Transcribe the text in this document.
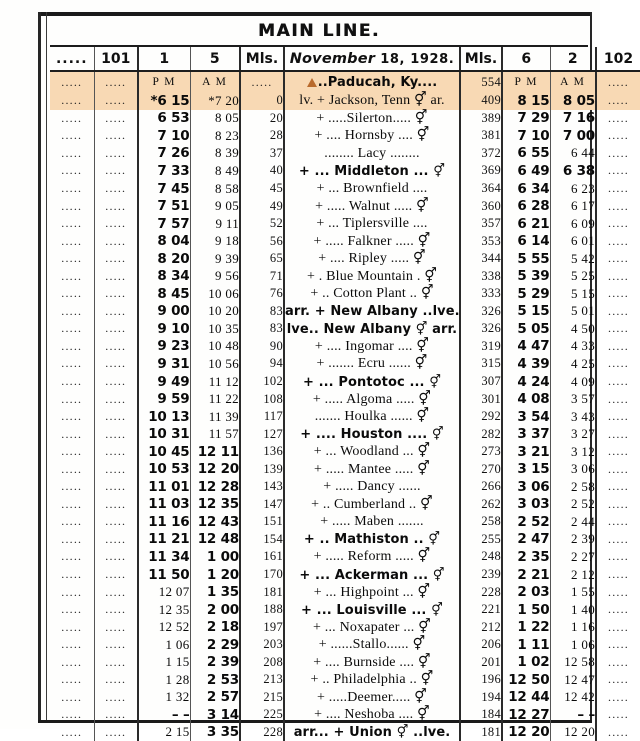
MAIN LINE.
.....	101	1	5	Mls.	November 18, 1928.	Mls.	6	2	102
.....	.....	P M	A M	.....	..Paducah, Ky....	554	P M	A M	.....
.....	.....	*6 15	*7 20	0	lv. + Jackson, Tenn ⚥ ar.	409	8 15	8 05	.....
.....	.....	6 53	8 05	20	+ .....Silerton..... ⚥	389	7 29	7 16	.....
.....	.....	7 10	8 23	28	+ .... Hornsby .... ⚥	381	7 10	7 00	.....
.....	.....	7 26	8 39	37	........ Lacy ........	372	6 55	6 44	.....
.....	.....	7 33	8 49	40	+ ... Middleton ... ⚥	369	6 49	6 38	.....
.....	.....	7 45	8 58	45	+ ... Brownfield ....	364	6 34	6 23	.....
.....	.....	7 51	9 05	49	+ ..... Walnut ..... ⚥	360	6 28	6 17	.....
.....	.....	7 57	9 11	52	+ ... Tiplersville ....	357	6 21	6 09	.....
.....	.....	8 04	9 18	56	+ ..... Falkner ..... ⚥	353	6 14	6 01	.....
.....	.....	8 20	9 39	65	+ .... Ripley ..... ⚥	344	5 55	5 42	.....
.....	.....	8 34	9 56	71	+ . Blue Mountain . ⚥	338	5 39	5 25	.....
.....	.....	8 45	10 06	76	+ .. Cotton Plant .. ⚥	333	5 29	5 15	.....
.....	.....	9 00	10 20	83	arr. + New Albany ..lve.	326	5 15	5 01	.....
.....	.....	9 10	10 35	83	lve.. New Albany ⚥ arr.	326	5 05	4 50	.....
.....	.....	9 23	10 48	90	+ .... Ingomar .... ⚥	319	4 47	4 33	.....
.....	.....	9 31	10 56	94	+ ....... Ecru ...... ⚥	315	4 39	4 25	.....
.....	.....	9 49	11 12	102	+ ... Pontotoc ... ⚥	307	4 24	4 09	.....
.....	.....	9 59	11 22	108	+ ..... Algoma ..... ⚥	301	4 08	3 57	.....
.....	.....	10 13	11 39	117	....... Houlka ...... ⚥	292	3 54	3 43	.....
.....	.....	10 31	11 57	127	+ .... Houston .... ⚥	282	3 37	3 27	.....
.....	.....	10 45	12 11	136	+ ... Woodland ... ⚥	273	3 21	3 12	.....
.....	.....	10 53	12 20	139	+ ..... Mantee ..... ⚥	270	3 15	3 06	.....
.....	.....	11 01	12 28	143	+ ..... Dancy ......	266	3 06	2 58	.....
.....	.....	11 03	12 35	147	+ .. Cumberland .. ⚥	262	3 03	2 52	.....
.....	.....	11 16	12 43	151	+ ..... Maben .......	258	2 52	2 44	.....
.....	.....	11 21	12 48	154	+ .. Mathiston .. ⚥	255	2 47	2 39	.....
.....	.....	11 34	1 00	161	+ ..... Reform ..... ⚥	248	2 35	2 27	.....
.....	.....	11 50	1 20	170	+ ... Ackerman ... ⚥	239	2 21	2 12	.....
.....	.....	12 07	1 35	181	+ ... Highpoint ... ⚥	228	2 03	1 55	.....
.....	.....	12 35	2 00	188	+ ... Louisville ... ⚥	221	1 50	1 40	.....
.....	.....	12 52	2 18	197	+ ... Noxapater ... ⚥	212	1 22	1 16	.....
.....	.....	1 06	2 29	203	+ ......Stallo...... ⚥	206	1 11	1 06	.....
.....	.....	1 15	2 39	208	+ .... Burnside .... ⚥	201	1 02	12 58	.....
.....	.....	1 28	2 53	213	+ .. Philadelphia .. ⚥	196	12 50	12 47	.....
.....	.....	1 32	2 57	215	+ .....Deemer..... ⚥	194	12 44	12 42	.....
.....	.....	– –	3 14	225	+ .... Neshoba .... ⚥	184	12 27	– –	.....
.....	.....	2 15	3 35	228	arr... + Union ⚥ ..lve.	181	12 20	12 20	.....
